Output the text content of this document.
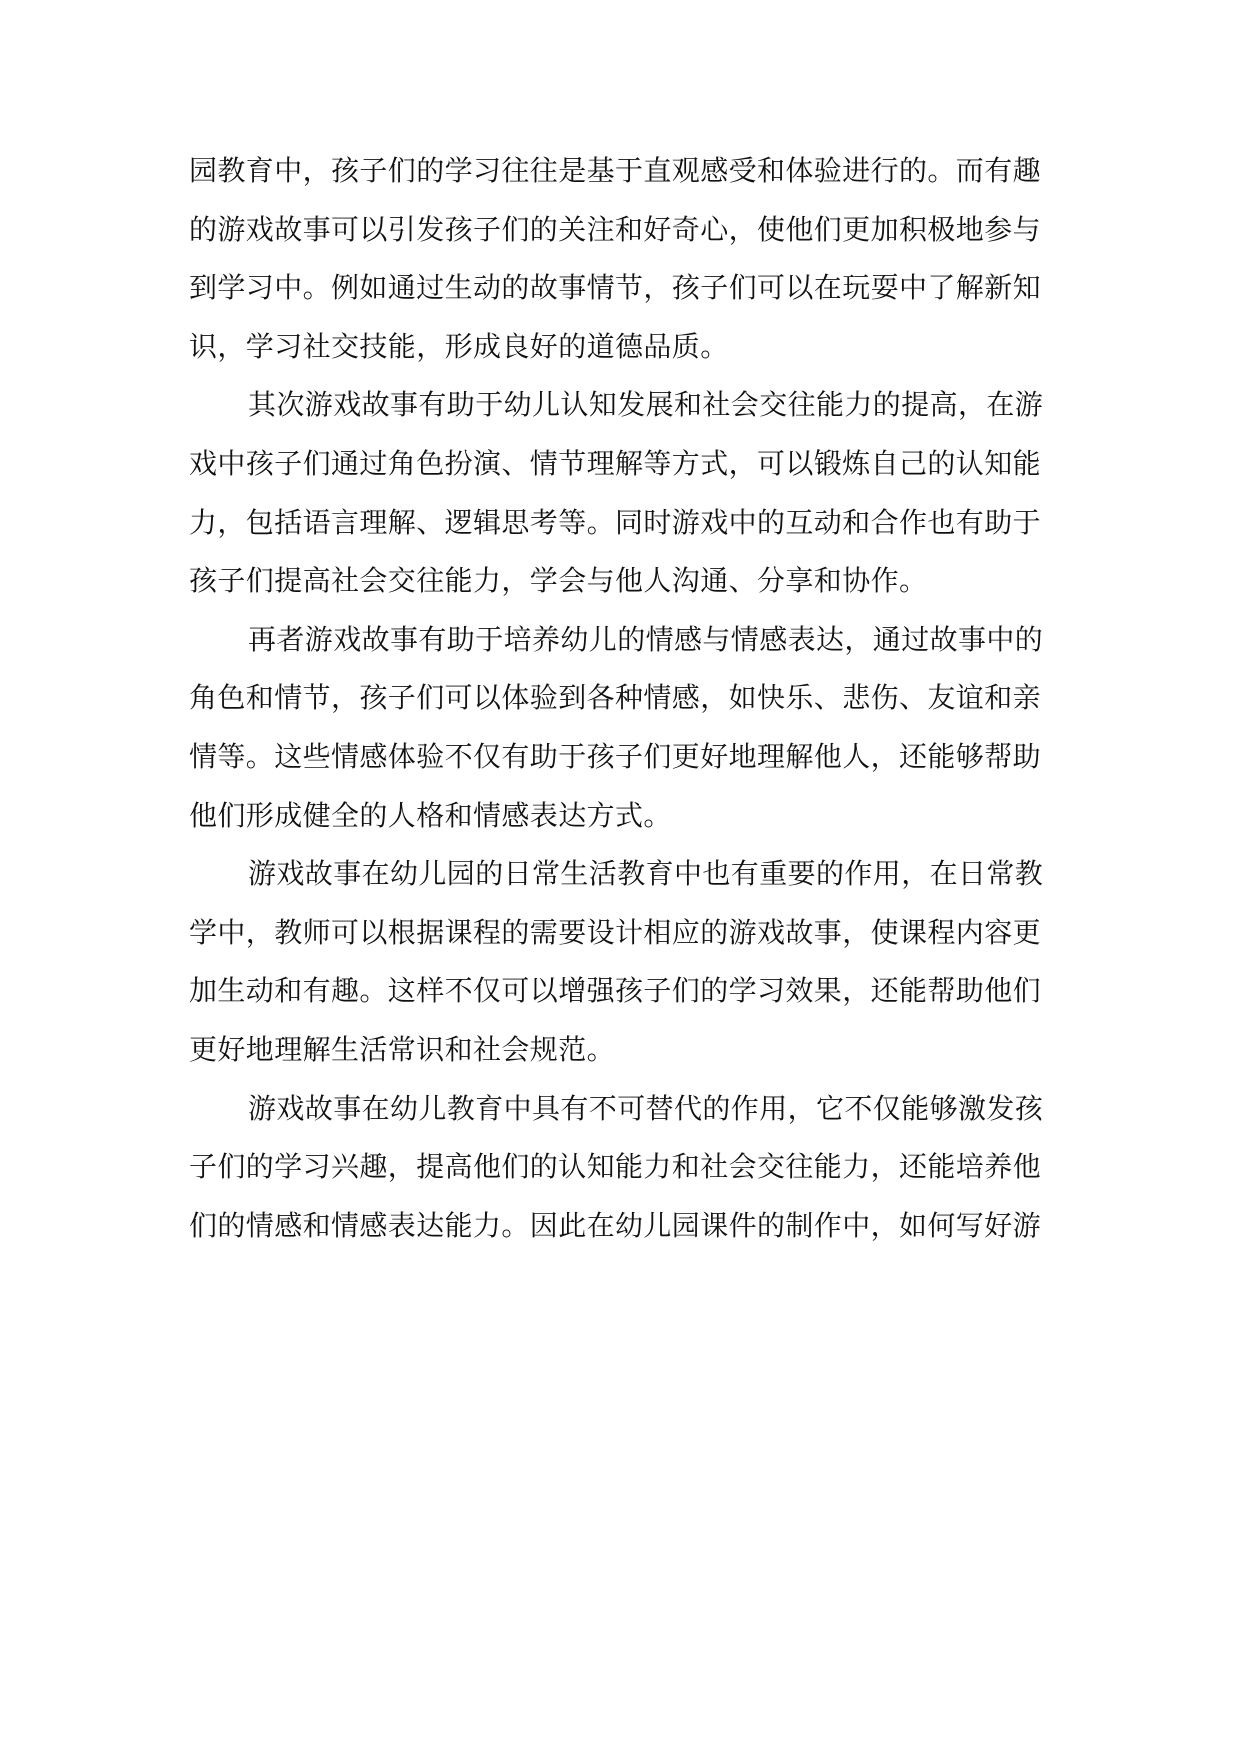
园教育中，孩子们的学习往往是基于直观感受和体验进行的。而有趣
的游戏故事可以引发孩子们的关注和好奇心，使他们更加积极地参与
到学习中。例如通过生动的故事情节，孩子们可以在玩耍中了解新知
识，学习社交技能，形成良好的道德品质。
其次游戏故事有助于幼儿认知发展和社会交往能力的提高，在游
戏中孩子们通过角色扮演、情节理解等方式，可以锻炼自己的认知能
力，包括语言理解、逻辑思考等。同时游戏中的互动和合作也有助于
孩子们提高社会交往能力，学会与他人沟通、分享和协作。
再者游戏故事有助于培养幼儿的情感与情感表达，通过故事中的
角色和情节，孩子们可以体验到各种情感，如快乐、悲伤、友谊和亲
情等。这些情感体验不仅有助于孩子们更好地理解他人，还能够帮助
他们形成健全的人格和情感表达方式。
游戏故事在幼儿园的日常生活教育中也有重要的作用，在日常教
学中，教师可以根据课程的需要设计相应的游戏故事，使课程内容更
加生动和有趣。这样不仅可以增强孩子们的学习效果，还能帮助他们
更好地理解生活常识和社会规范。
游戏故事在幼儿教育中具有不可替代的作用，它不仅能够激发孩
子们的学习兴趣，提高他们的认知能力和社会交往能力，还能培养他
们的情感和情感表达能力。因此在幼儿园课件的制作中，如何写好游
